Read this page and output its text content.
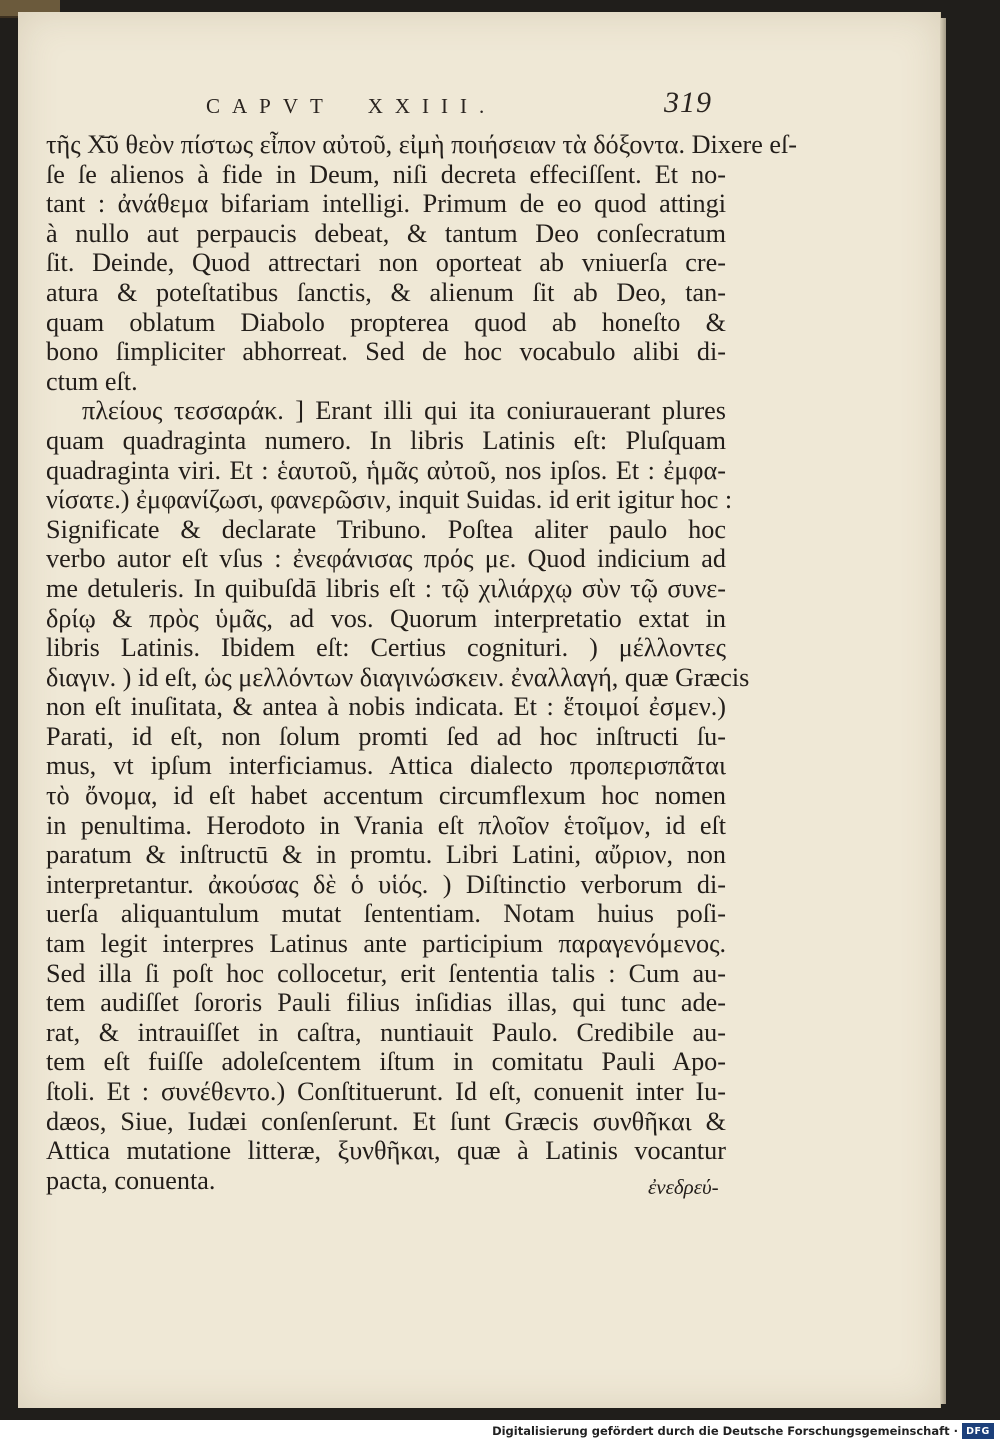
CAPVT XXIII.	319
τῆς Χ̄ῦ θεὸν πίστως εἶπον αὐτοῦ, εἰμὴ ποιήσειαν τὰ δόξοντα. Dixere eſ-
ſe ſe alienos à fide in Deum, niſi decreta effeciſſent. Et no-
tant : ἀνάθεμα bifariam intelligi. Primum de eo quod attingi
à nullo aut perpaucis debeat, & tantum Deo conſecratum
ſit. Deinde, Quod attrectari non oporteat ab vniuerſa cre-
atura & poteſtatibus ſanctis, & alienum ſit ab Deo, tan-
quam oblatum Diabolo propterea quod ab honeſto &
bono ſimpliciter abhorreat. Sed de hoc vocabulo alibi di-
ctum eſt.
πλείους τεσσαράκ. ] Erant illi qui ita coniurauerant plures
quam quadraginta numero. In libris Latinis eſt: Pluſquam
quadraginta viri. Et : ἑαυτοῦ, ἡμᾶς αὐτοῦ, nos ipſos. Et : ἐμφα-
νίσατε.) ἐμφανίζωσι, φανερῶσιν, inquit Suidas. id erit igitur hoc :
Significate & declarate Tribuno. Poſtea aliter paulo hoc
verbo autor eſt vſus : ἐνεφάνισας πρός με. Quod indicium ad
me detuleris. In quibuſdā libris eſt : τῷ χιλιάρχῳ σὺν τῷ συνε-
δρίῳ & πρὸς ὑμᾶς, ad vos. Quorum interpretatio extat in
libris Latinis. Ibidem eſt: Certius cognituri. ) μέλλοντες
διαγιν. ) id eſt, ὡς μελλόντων διαγινώσκειν. ἐναλλαγή, quæ Græcis
non eſt inuſitata, & antea à nobis indicata. Et : ἕτοιμοί ἐσμεν.)
Parati, id eſt, non ſolum promti ſed ad hoc inſtructi ſu-
mus, vt ipſum interficiamus. Attica dialecto προπερισπᾶται
τὸ ὄνομα, id eſt habet accentum circumflexum hoc nomen
in penultima. Herodoto in Vrania eſt πλοῖον ἑτοῖμον, id eſt
paratum & inſtructū & in promtu. Libri Latini, αὔριον, non
interpretantur. ἀκούσας δὲ ὁ υἱός. ) Diſtinctio verborum di-
uerſa aliquantulum mutat ſententiam. Notam huius poſi-
tam legit interpres Latinus ante participium παραγενόμενος.
Sed illa ſi poſt hoc collocetur, erit ſententia talis : Cum au-
tem audiſſet ſororis Pauli filius inſidias illas, qui tunc ade-
rat, & intrauiſſet in caſtra, nuntiauit Paulo. Credibile au-
tem eſt fuiſſe adoleſcentem iſtum in comitatu Pauli Apo-
ſtoli. Et : συνέθεντο.) Conſtituerunt. Id eſt, conuenit inter Iu-
dæos, Siue, Iudæi conſenſerunt. Et ſunt Græcis συνθῆκαι &
Attica mutatione litteræ, ξυνθῆκαι, quæ à Latinis vocantur
pacta, conuenta.	ἐνεδρεύ-
Digitalisierung gefördert durch die Deutsche Forschungsgemeinschaft · DFG
